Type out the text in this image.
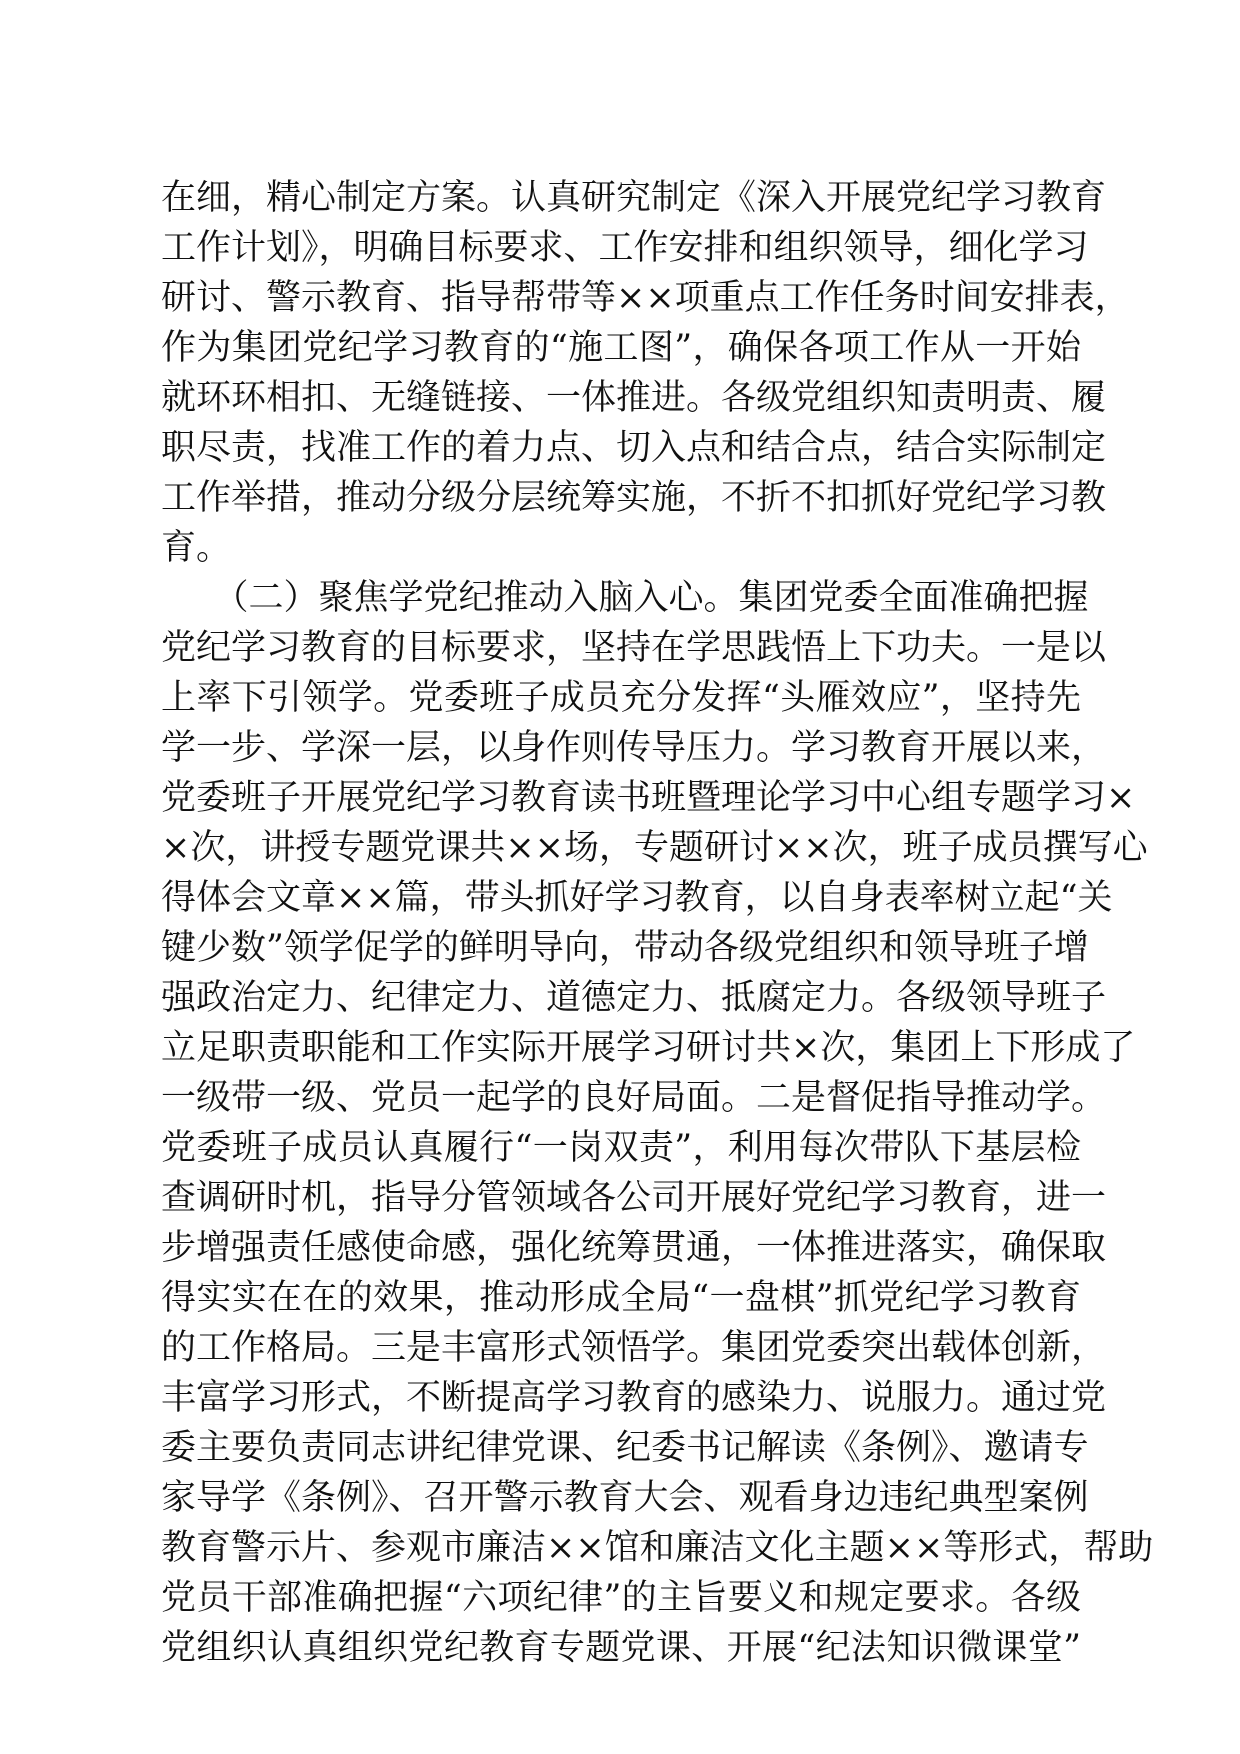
在细，精心制定方案。认真研究制定《深入开展党纪学习教育
工作计划》，明确目标要求、工作安排和组织领导，细化学习
研讨、警示教育、指导帮带等××项重点工作任务时间安排表，
作为集团党纪学习教育的“施工图”，确保各项工作从一开始
就环环相扣、无缝链接、一体推进。各级党组织知责明责、履
职尽责，找准工作的着力点、切入点和结合点，结合实际制定
工作举措，推动分级分层统筹实施，不折不扣抓好党纪学习教
育。
　　（二）聚焦学党纪推动入脑入心。集团党委全面准确把握
党纪学习教育的目标要求，坚持在学思践悟上下功夫。一是以
上率下引领学。党委班子成员充分发挥“头雁效应”，坚持先
学一步、学深一层，以身作则传导压力。学习教育开展以来，
党委班子开展党纪学习教育读书班暨理论学习中心组专题学习×
×次，讲授专题党课共××场，专题研讨××次，班子成员撰写心
得体会文章××篇，带头抓好学习教育，以自身表率树立起“关
键少数”领学促学的鲜明导向，带动各级党组织和领导班子增
强政治定力、纪律定力、道德定力、抵腐定力。各级领导班子
立足职责职能和工作实际开展学习研讨共×次，集团上下形成了
一级带一级、党员一起学的良好局面。二是督促指导推动学。
党委班子成员认真履行“一岗双责”，利用每次带队下基层检
查调研时机，指导分管领域各公司开展好党纪学习教育，进一
步增强责任感使命感，强化统筹贯通，一体推进落实，确保取
得实实在在的效果，推动形成全局“一盘棋”抓党纪学习教育
的工作格局。三是丰富形式领悟学。集团党委突出载体创新，
丰富学习形式，不断提高学习教育的感染力、说服力。通过党
委主要负责同志讲纪律党课、纪委书记解读《条例》、邀请专
家导学《条例》、召开警示教育大会、观看身边违纪典型案例
教育警示片、参观市廉洁××馆和廉洁文化主题××等形式，帮助
党员干部准确把握“六项纪律”的主旨要义和规定要求。各级
党组织认真组织党纪教育专题党课、开展“纪法知识微课堂”
